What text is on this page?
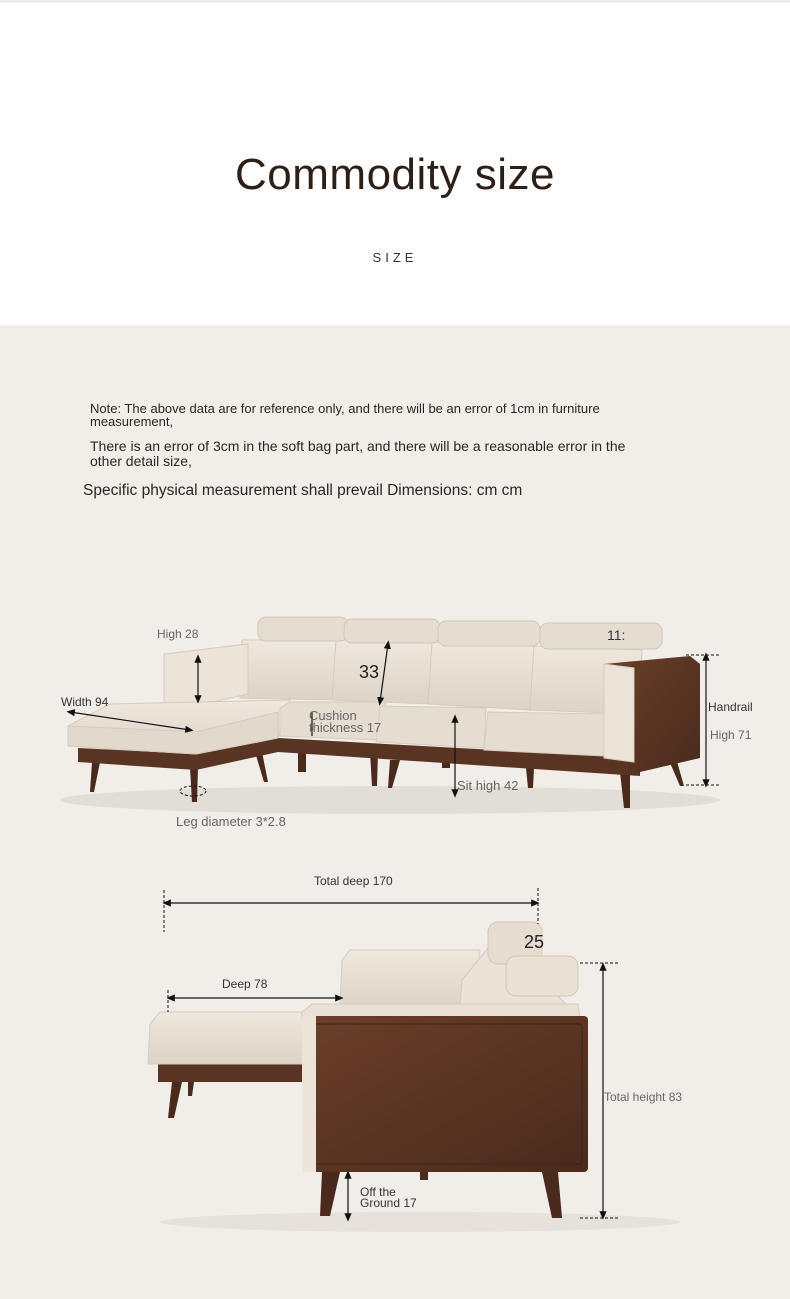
Commodity size
SIZE
Note: The above data are for reference only, and there will be an error of 1cm in furniture measurement,
There is an error of 3cm in the soft bag part, and there will be a reasonable error in the other detail size,
Specific physical measurement shall prevail Dimensions: cm cm
High 28
Width 94
33
11:
Cushion thickness 17
Sit high 42
Handrail
High 71
Leg diameter 3*2.8
Total deep 170
Deep 78
25
Total height 83
Off the Ground 17
